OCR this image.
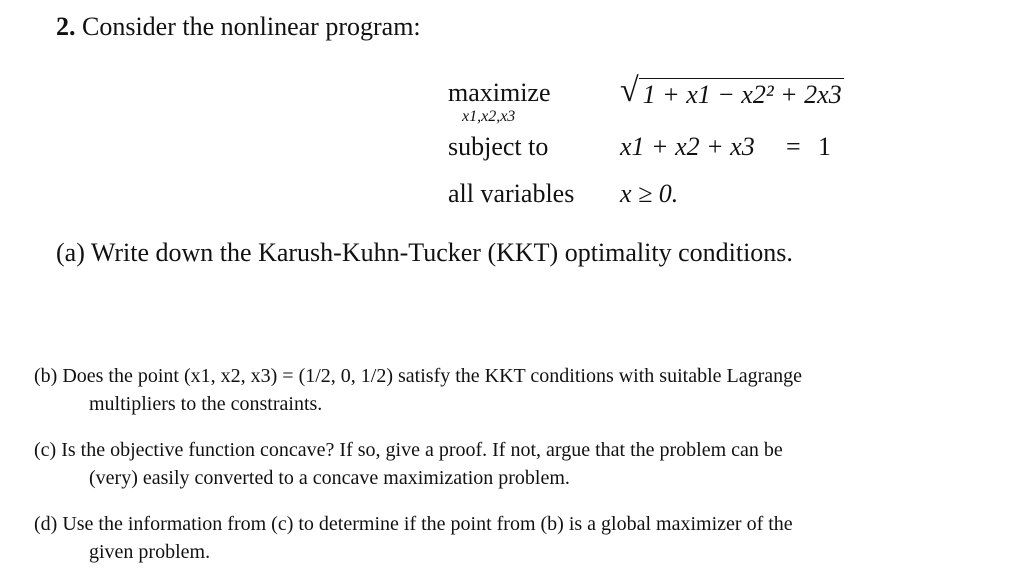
2. Consider the nonlinear program:
maximize
x1,x2,x3
√ 1 + x1 − x2² + 2x3
subject to	x1 + x2 + x3 = 1
all variables x ≥ 0.
(a) Write down the Karush-Kuhn-Tucker (KKT) optimality conditions.
(b) Does the point (x1, x2, x3) = (1/2, 0, 1/2) satisfy the KKT conditions with suitable Lagrange
multipliers to the constraints.
(c) Is the objective function concave? If so, give a proof. If not, argue that the problem can be
(very) easily converted to a concave maximization problem.
(d) Use the information from (c) to determine if the point from (b) is a global maximizer of the
given problem.
